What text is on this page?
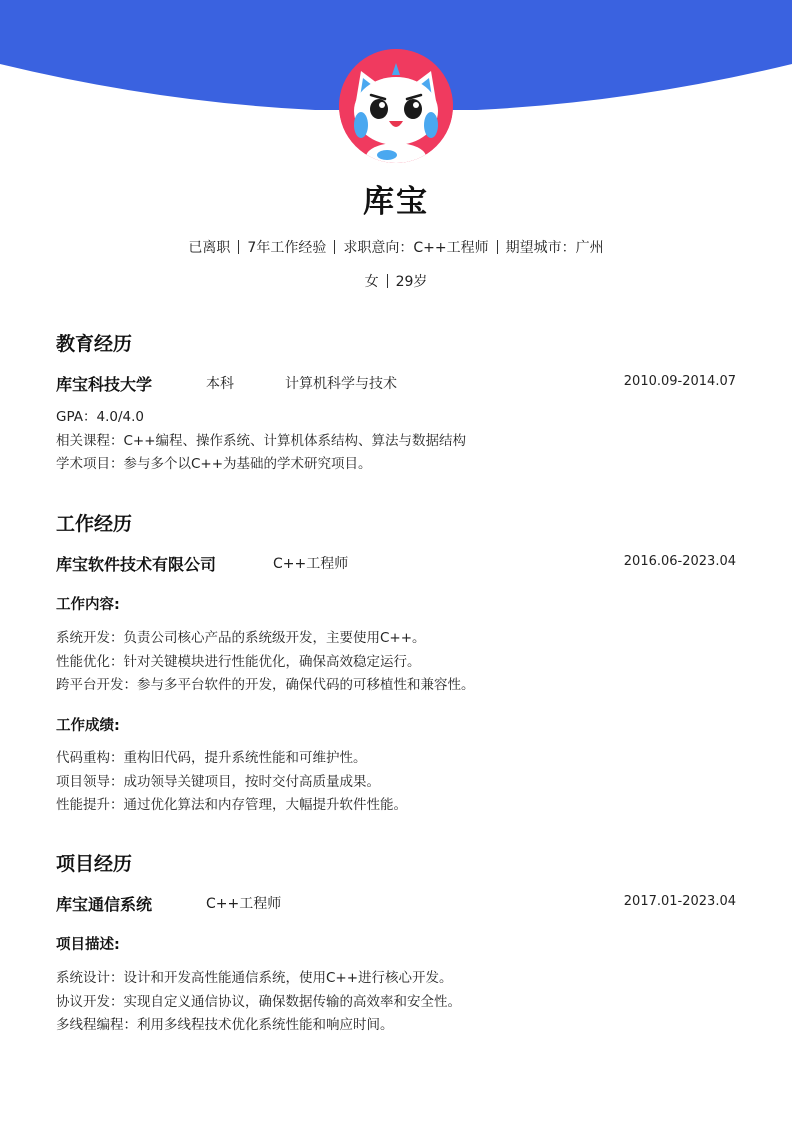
库宝
已离职 7年工作经验 求职意向：C++工程师 期望城市：广州
女 29岁
教育经历
库宝科技大学	本科	计算机科学与技术	2010.09-2014.07
GPA：4.0/4.0
相关课程：C++编程、操作系统、计算机体系结构、算法与数据结构
学术项目：参与多个以C++为基础的学术研究项目。
工作经历
库宝软件技术有限公司	C++工程师	2016.06-2023.04
工作内容:
系统开发：负责公司核心产品的系统级开发，主要使用C++。
性能优化：针对关键模块进行性能优化，确保高效稳定运行。
跨平台开发：参与多平台软件的开发，确保代码的可移植性和兼容性。
工作成绩:
代码重构：重构旧代码，提升系统性能和可维护性。
项目领导：成功领导关键项目，按时交付高质量成果。
性能提升：通过优化算法和内存管理，大幅提升软件性能。
项目经历
库宝通信系统	C++工程师	2017.01-2023.04
项目描述:
系统设计：设计和开发高性能通信系统，使用C++进行核心开发。
协议开发：实现自定义通信协议，确保数据传输的高效率和安全性。
多线程编程：利用多线程技术优化系统性能和响应时间。
